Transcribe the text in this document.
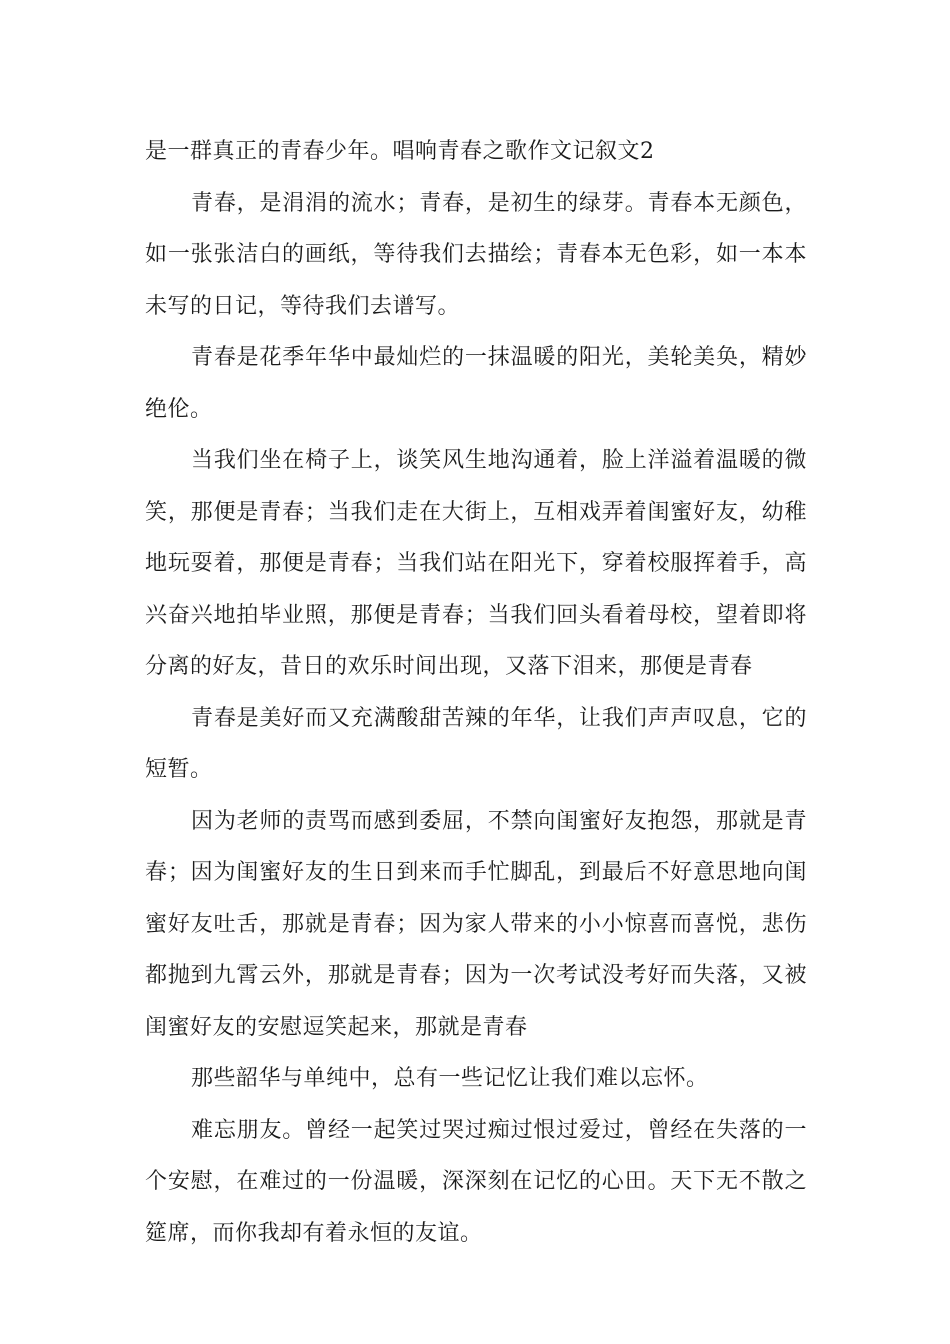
是一群真正的青春少年。唱响青春之歌作文记叙文2

青春，是涓涓的流水；青春，是初生的绿芽。青春本无颜色，如一张张洁白的画纸，等待我们去描绘；青春本无色彩，如一本本未写的日记，等待我们去谱写。

青春是花季年华中最灿烂的一抹温暖的阳光，美轮美奂，精妙绝伦。

当我们坐在椅子上，谈笑风生地沟通着，脸上洋溢着温暖的微笑，那便是青春；当我们走在大街上，互相戏弄着闺蜜好友，幼稚地玩耍着，那便是青春；当我们站在阳光下，穿着校服挥着手，高兴奋兴地拍毕业照，那便是青春；当我们回头看着母校，望着即将分离的好友，昔日的欢乐时间出现，又落下泪来，那便是青春

青春是美好而又充满酸甜苦辣的年华，让我们声声叹息，它的短暂。

因为老师的责骂而感到委屈，不禁向闺蜜好友抱怨，那就是青春；因为闺蜜好友的生日到来而手忙脚乱，到最后不好意思地向闺蜜好友吐舌，那就是青春；因为家人带来的小小惊喜而喜悦，悲伤都抛到九霄云外，那就是青春；因为一次考试没考好而失落，又被闺蜜好友的安慰逗笑起来，那就是青春

那些韶华与单纯中，总有一些记忆让我们难以忘怀。

难忘朋友。曾经一起笑过哭过痴过恨过爱过，曾经在失落的一个安慰，在难过的一份温暖，深深刻在记忆的心田。天下无不散之筵席，而你我却有着永恒的友谊。
